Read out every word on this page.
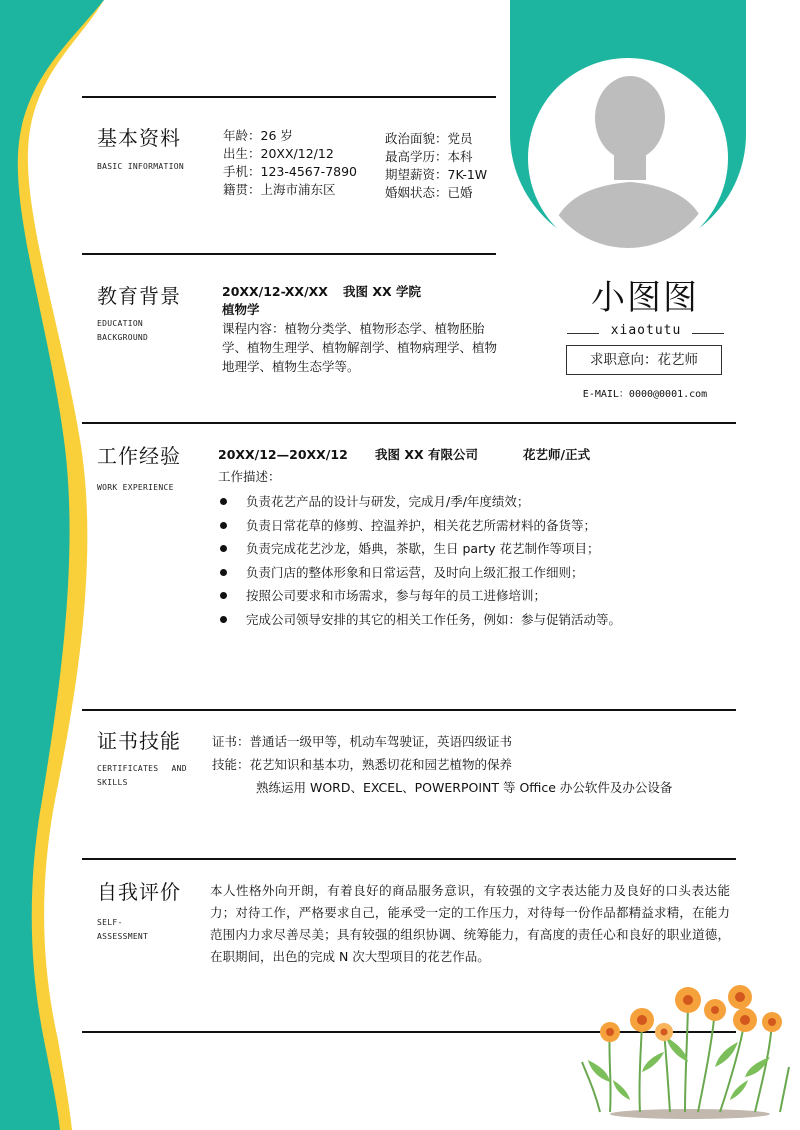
小图图
xiaotutu
求职意向：花艺师
E-MAIL：0000@0001.com
基本资料
BASIC INFORMATION
年龄：26 岁
出生：20XX/12/12
手机：123-4567-7890
籍贯：上海市浦东区
政治面貌：党员
最高学历：本科
期望薪资：7K-1W
婚姻状态：已婚
教育背景
EDUCATION BACKGROUND
20XX/12-XX/XX 我图 XX 学院
植物学
课程内容：植物分类学、植物形态学、植物胚胎学、植物生理学、植物解剖学、植物病理学、植物地理学、植物生态学等。
工作经验
WORK EXPERIENCE
20XX/12—20XX/12 我图 XX 有限公司	花艺师/正式
工作描述：
负责花艺产品的设计与研发，完成月/季/年度绩效；
负责日常花草的修剪、控温养护，相关花艺所需材料的备货等；
负责完成花艺沙龙，婚典，茶歇，生日 party 花艺制作等项目；
负责门店的整体形象和日常运营，及时向上级汇报工作细则；
按照公司要求和市场需求，参与每年的员工进修培训；
完成公司领导安排的其它的相关工作任务，例如：参与促销活动等。
证书技能
CERTIFICATES AND SKILLS
证书：普通话一级甲等，机动车驾驶证，英语四级证书
技能：花艺知识和基本功，熟悉切花和园艺植物的保养
熟练运用 WORD、EXCEL、POWERPOINT 等 Office 办公软件及办公设备
自我评价
SELF-ASSESSMENT
本人性格外向开朗，有着良好的商品服务意识，有较强的文字表达能力及良好的口头表达能力；对待工作，严格要求自己，能承受一定的工作压力，对待每一份作品都精益求精，在能力范围内力求尽善尽美；具有较强的组织协调、统筹能力，有高度的责任心和良好的职业道德，在职期间，出色的完成 N 次大型项目的花艺作品。
